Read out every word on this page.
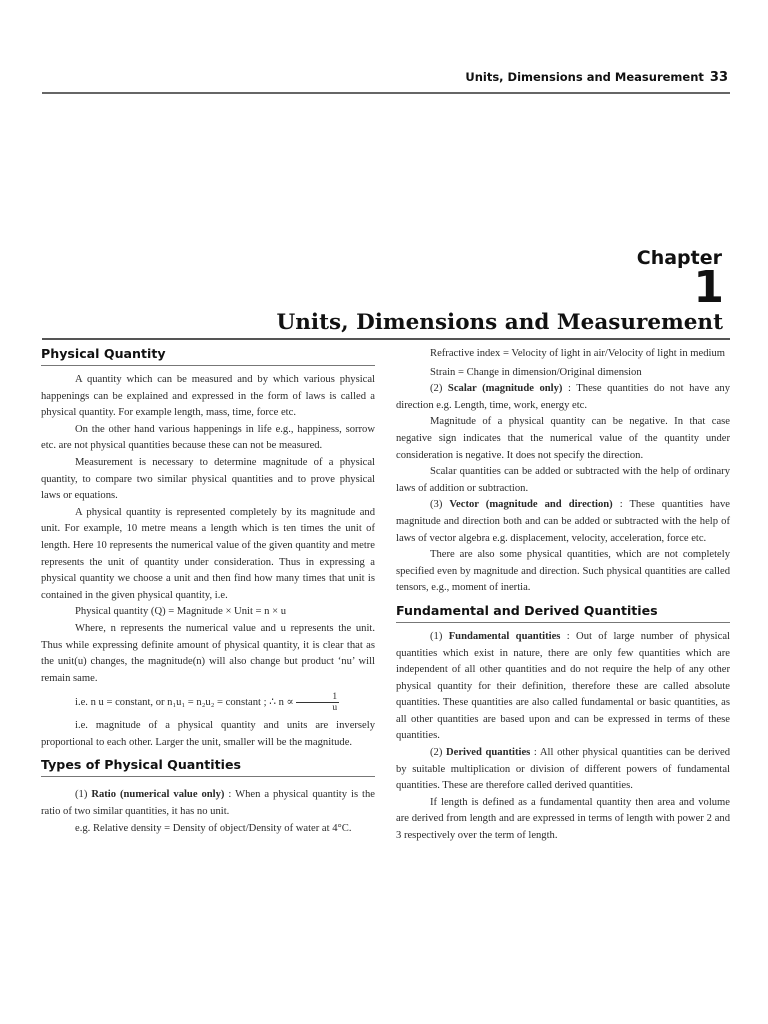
Units, Dimensions and Measurement 33
Chapter
1
Units, Dimensions and Measurement
Physical Quantity

A quantity which can be measured and by which various physical happenings can be explained and expressed in the form of laws is called a physical quantity. For example length, mass, time, force etc.

On the other hand various happenings in life e.g., happiness, sorrow etc. are not physical quantities because these can not be measured.

Measurement is necessary to determine magnitude of a physical quantity, to compare two similar physical quantities and to prove physical laws or equations.

A physical quantity is represented completely by its magnitude and unit. For example, 10 metre means a length which is ten times the unit of length. Here 10 represents the numerical value of the given quantity and metre represents the unit of quantity under consideration. Thus in expressing a physical quantity we choose a unit and then find how many times that unit is contained in the given physical quantity, i.e.

Physical quantity (Q) = Magnitude × Unit = n × u

Where, n represents the numerical value and u represents the unit. Thus while expressing definite amount of physical quantity, it is clear that as the unit(u) changes, the magnitude(n) will also change but product ‘nu’ will remain same.

i.e. n u = constant, or n₁u₁ = n₂u₂ = constant ; ∴ $n \propto \frac{1}{u}$

i.e. magnitude of a physical quantity and units are inversely proportional to each other. Larger the unit, smaller will be the magnitude.

Types of Physical Quantities

(1) Ratio (numerical value only) : When a physical quantity is the ratio of two similar quantities, it has no unit.

e.g. Relative density = Density of object/Density of water at 4°C.

Refractive index = Velocity of light in air/Velocity of light in medium

Strain = Change in dimension/Original dimension

(2) Scalar (magnitude only) : These quantities do not have any direction e.g. Length, time, work, energy etc.

Magnitude of a physical quantity can be negative. In that case negative sign indicates that the numerical value of the quantity under consideration is negative. It does not specify the direction.

Scalar quantities can be added or subtracted with the help of ordinary laws of addition or subtraction.

(3) Vector (magnitude and direction) : These quantities have magnitude and direction both and can be added or subtracted with the help of laws of vector algebra e.g. displacement, velocity, acceleration, force etc.

There are also some physical quantities, which are not completely specified even by magnitude and direction. Such physical quantities are called tensors, e.g., moment of inertia.

Fundamental and Derived Quantities

(1) Fundamental quantities : Out of large number of physical quantities which exist in nature, there are only few quantities which are independent of all other quantities and do not require the help of any other physical quantity for their definition, therefore these are called absolute quantities. These quantities are also called fundamental or basic quantities, as all other quantities are based upon and can be expressed in terms of these quantities.

(2) Derived quantities : All other physical quantities can be derived by suitable multiplication or division of different powers of fundamental quantities. These are therefore called derived quantities.

If length is defined as a fundamental quantity then area and volume are derived from length and are expressed in terms of length with power 2 and 3 respectively over the term of length.
